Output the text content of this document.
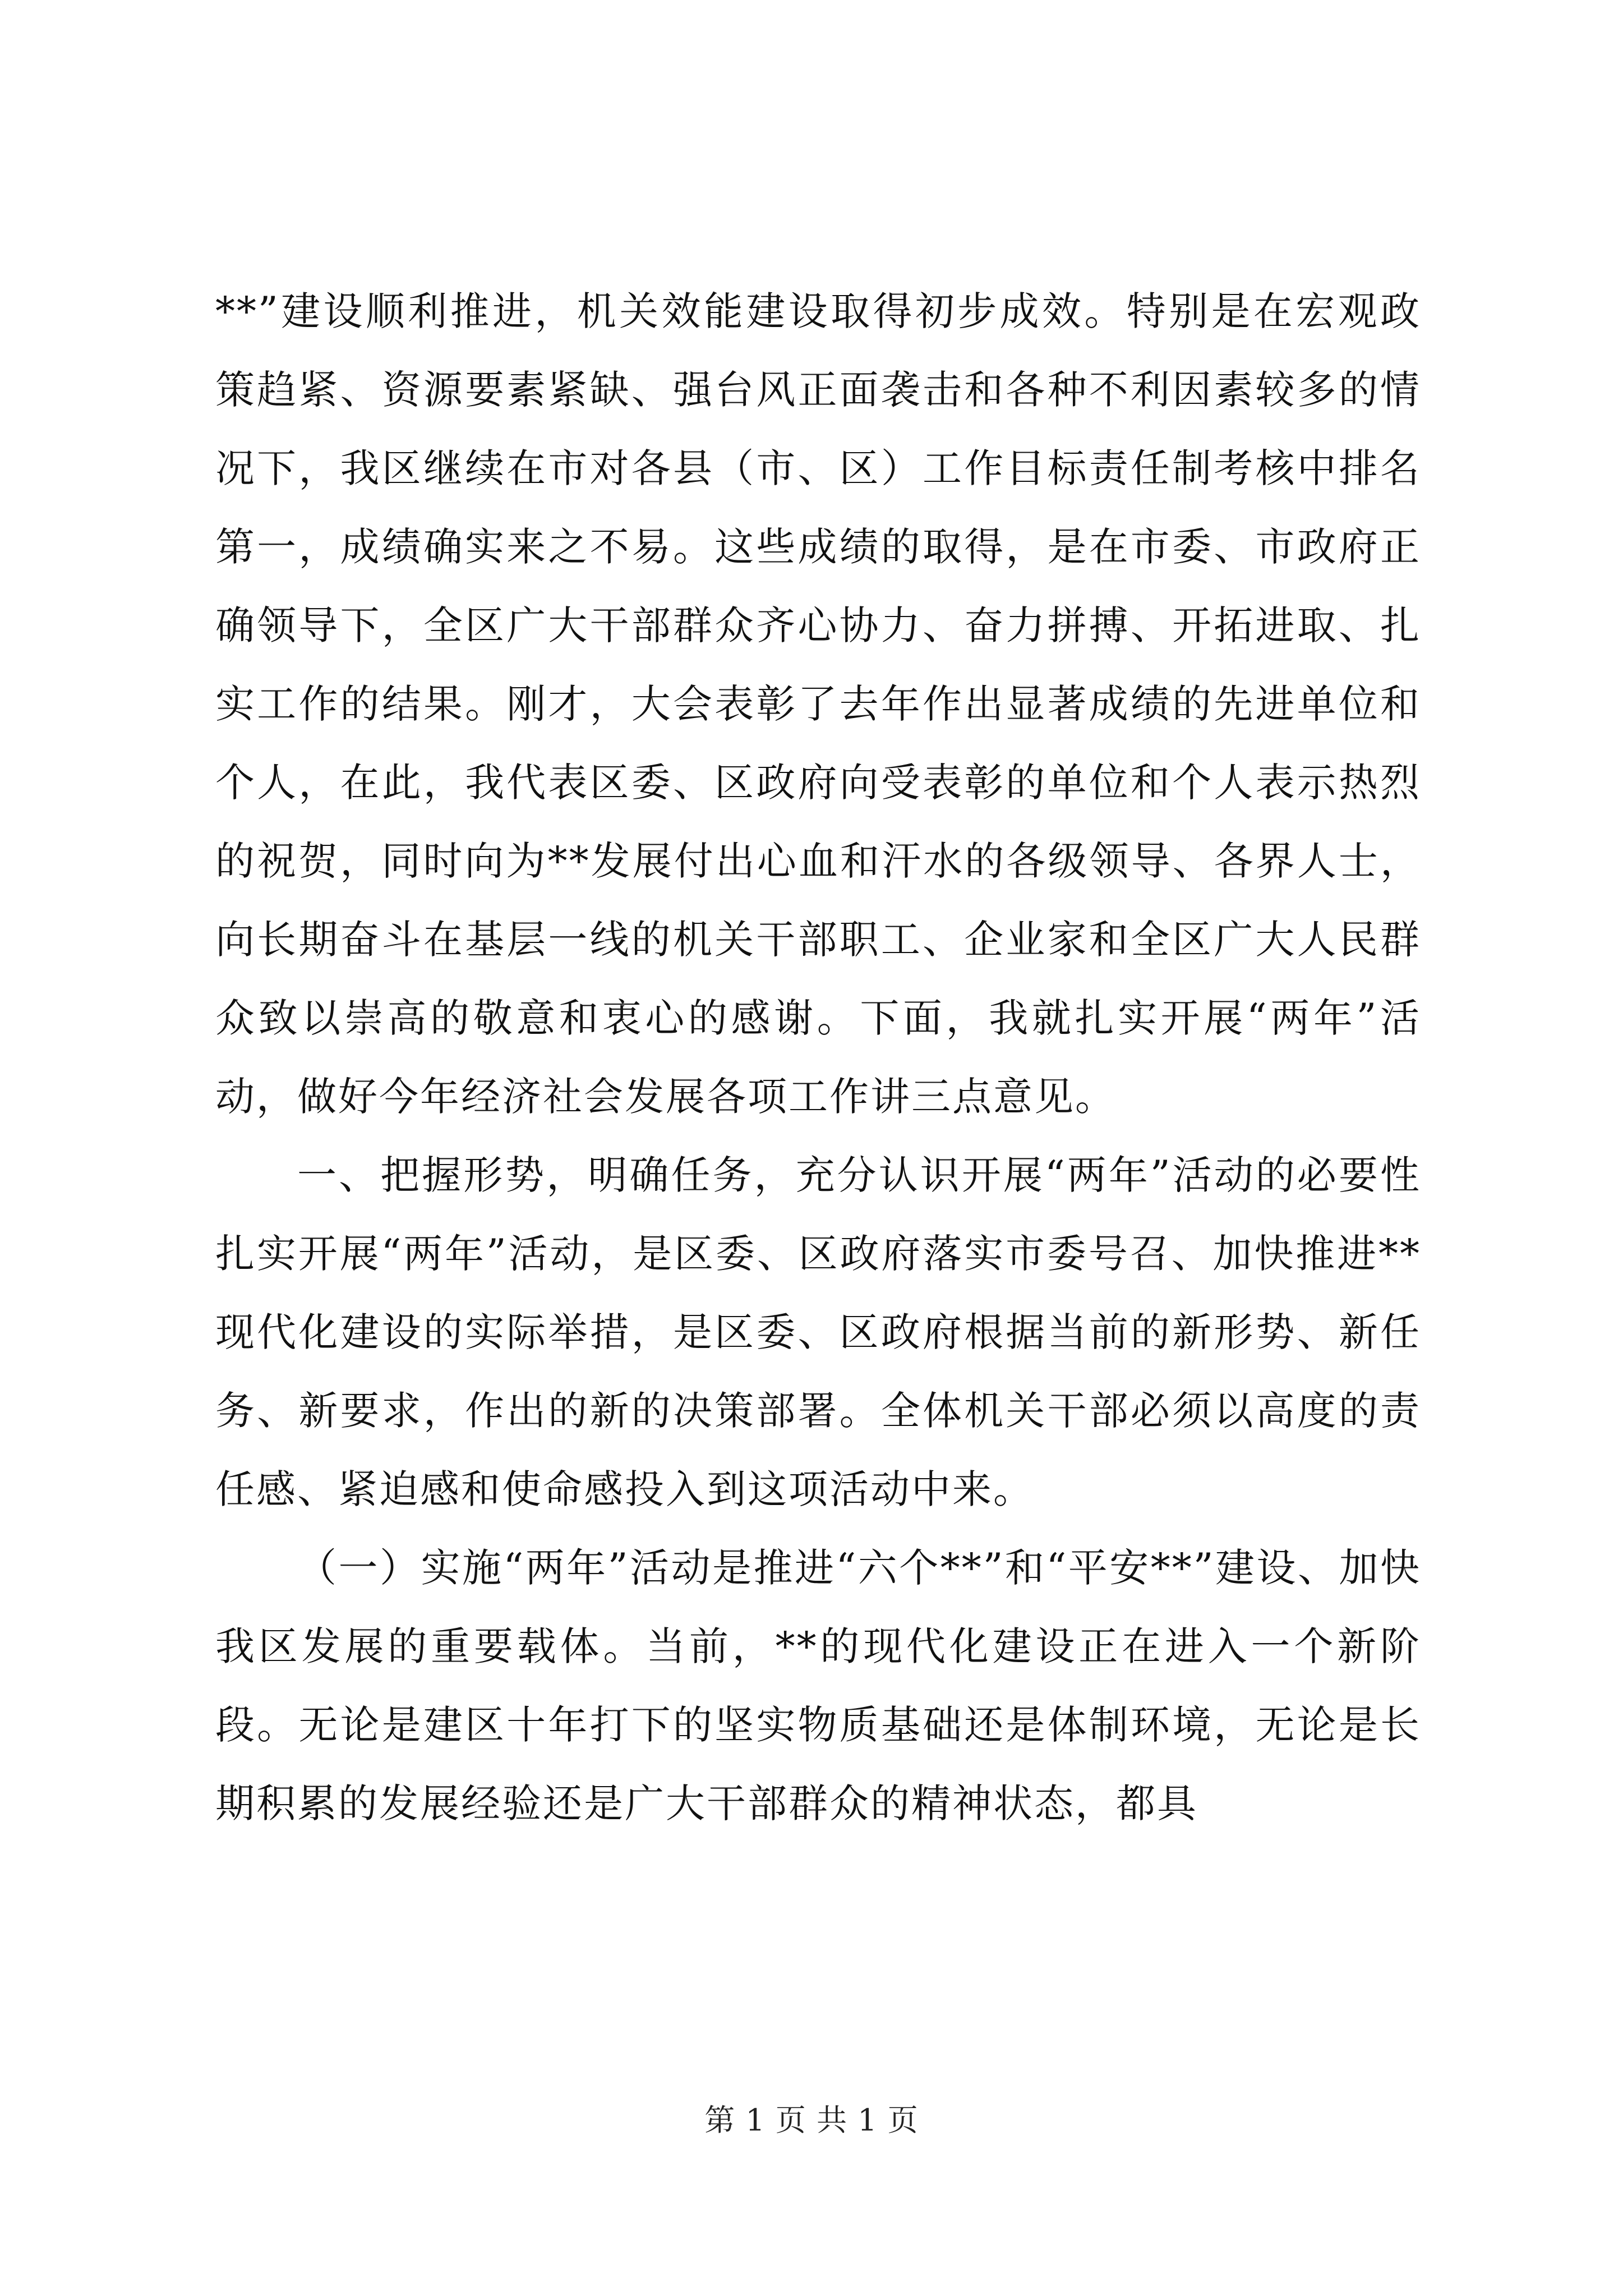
**”建设顺利推进，机关效能建设取得初步成效。特别是在宏观政策趋紧、资源要素紧缺、强台风正面袭击和各种不利因素较多的情况下，我区继续在市对各县（市、区）工作目标责任制考核中排名第一，成绩确实来之不易。这些成绩的取得，是在市委、市政府正确领导下，全区广大干部群众齐心协力、奋力拼搏、开拓进取、扎实工作的结果。刚才，大会表彰了去年作出显著成绩的先进单位和个人，在此，我代表区委、区政府向受表彰的单位和个人表示热烈的祝贺，同时向为**发展付出心血和汗水的各级领导、各界人士，向长期奋斗在基层一线的机关干部职工、企业家和全区广大人民群众致以崇高的敬意和衷心的感谢。下面，我就扎实开展“两年”活动，做好今年经济社会发展各项工作讲三点意见。

一、把握形势，明确任务，充分认识开展“两年”活动的必要性扎实开展“两年”活动，是区委、区政府落实市委号召、加快推进**现代化建设的实际举措，是区委、区政府根据当前的新形势、新任务、新要求，作出的新的决策部署。全体机关干部必须以高度的责任感、紧迫感和使命感投入到这项活动中来。

（一）实施“两年”活动是推进“六个**”和“平安**”建设、加快我区发展的重要载体。当前，**的现代化建设正在进入一个新阶段。无论是建区十年打下的坚实物质基础还是体制环境，无论是长期积累的发展经验还是广大干部群众的精神状态，都具

第 1 页 共 1 页
